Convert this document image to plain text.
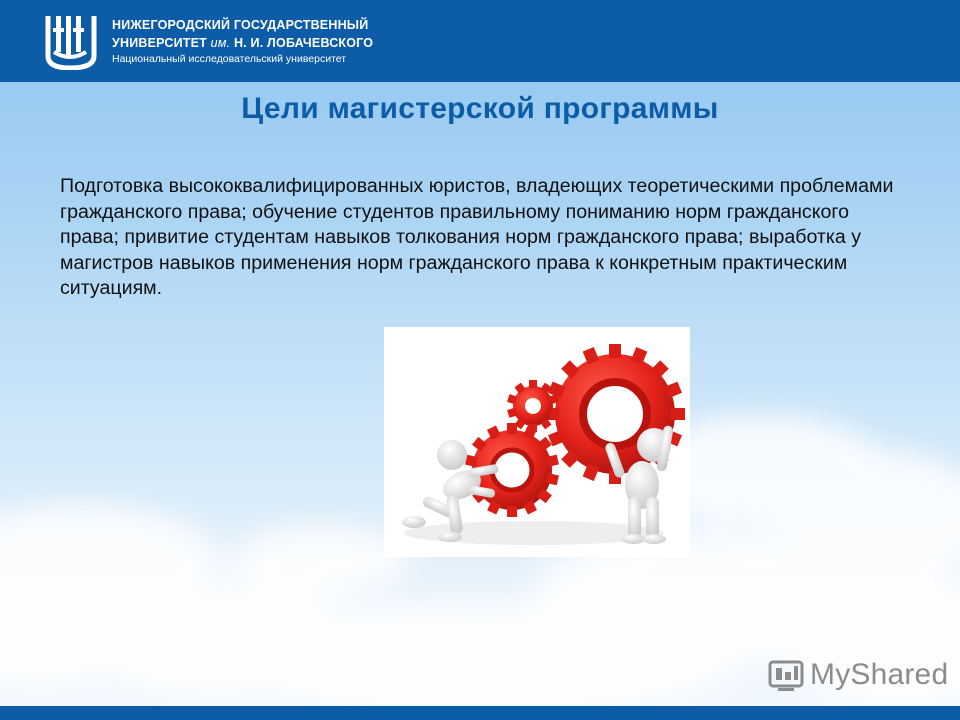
НИЖЕГОРОДСКИЙ ГОСУДАРСТВЕННЫЙ
УНИВЕРСИТЕТ им. Н. И. ЛОБАЧЕВСКОГО
Национальный исследовательский университет
Цели магистерской программы
Подготовка высококвалифицированных юристов, владеющих теоретическими проблемами гражданского права; обучение студентов правильному пониманию норм гражданского права; привитие студентам навыков толкования норм гражданского права; выработка у магистров навыков применения норм гражданского права к конкретным практическим ситуациям.
MyShared
